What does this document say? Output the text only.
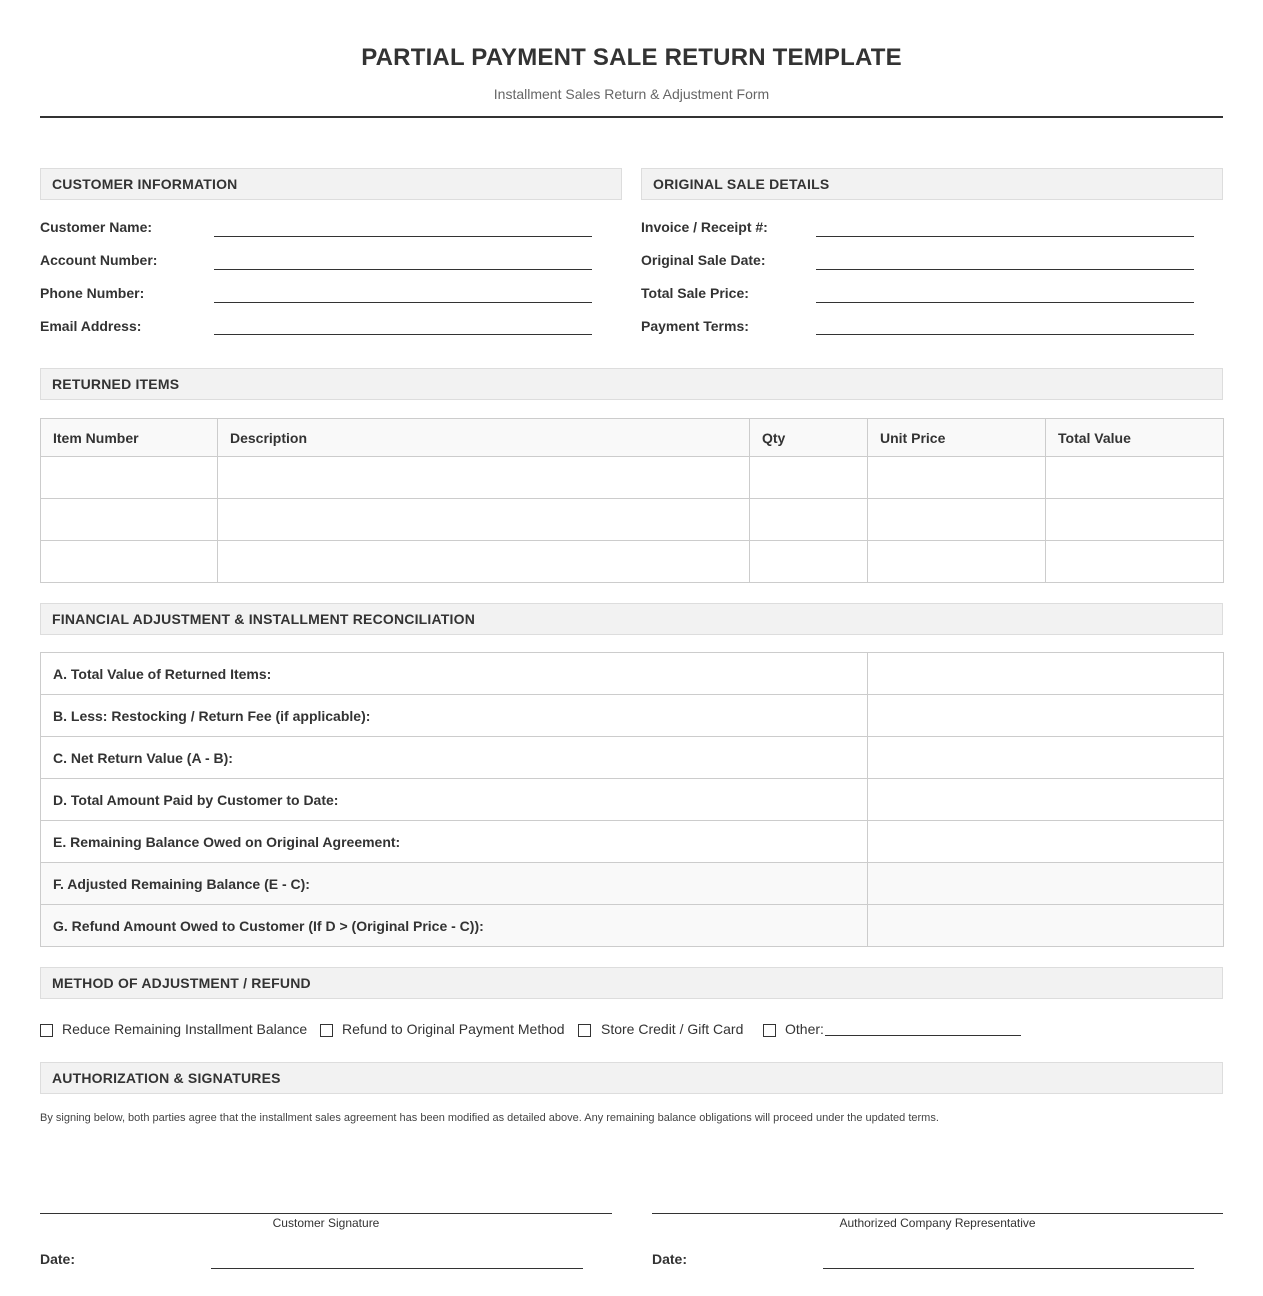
PARTIAL PAYMENT SALE RETURN TEMPLATE
Installment Sales Return & Adjustment Form
CUSTOMER INFORMATION
Customer Name:
Account Number:
Phone Number:
Email Address:
ORIGINAL SALE DETAILS
Invoice / Receipt #:
Original Sale Date:
Total Sale Price:
Payment Terms:
RETURNED ITEMS
Item Number	Description	Qty	Unit Price	Total Value

FINANCIAL ADJUSTMENT & INSTALLMENT RECONCILIATION
A. Total Value of Returned Items:	
B. Less: Restocking / Return Fee (if applicable):	
C. Net Return Value (A - B):	
D. Total Amount Paid by Customer to Date:	
E. Remaining Balance Owed on Original Agreement:	
F. Adjusted Remaining Balance (E - C):	
G. Refund Amount Owed to Customer (If D > (Original Price - C)):	
METHOD OF ADJUSTMENT / REFUND
Reduce Remaining Installment Balance Refund to Original Payment Method	Store Credit / Gift Card	Other:
AUTHORIZATION & SIGNATURES
By signing below, both parties agree that the installment sales agreement has been modified as detailed above. Any remaining balance obligations will proceed under the updated terms.
Customer Signature	Authorized Company Representative
Date:	Date:
